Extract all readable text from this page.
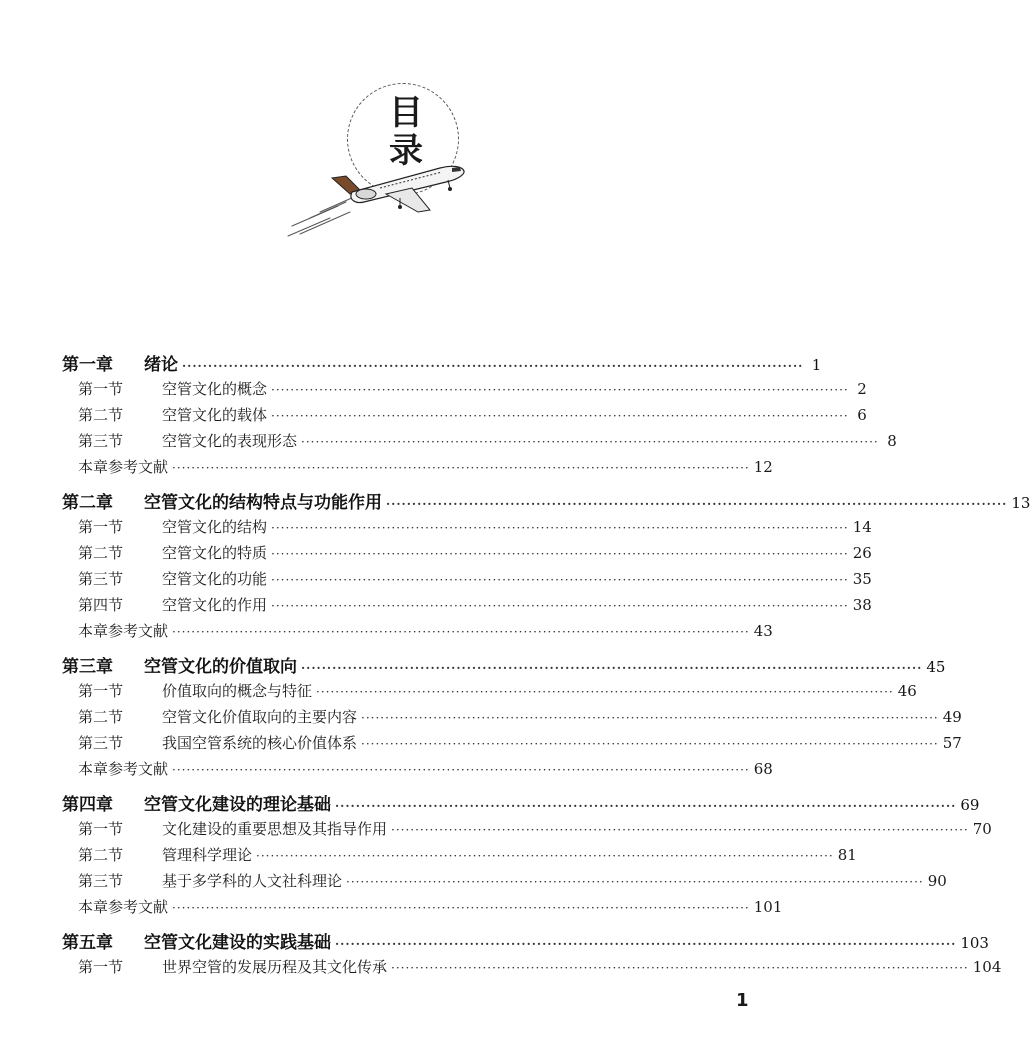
目
录
第一章 绪论 ························································································································ 1
第一节	空管文化的概念 ························································································································ 2
第二节	空管文化的载体 ························································································································ 6
第三节	空管文化的表现形态 ························································································································ 8
本章参考文献 ························································································································ 12
第二章 空管文化的结构特点与功能作用 ························································································································ 13
第一节	空管文化的结构 ························································································································ 14
第二节	空管文化的特质 ························································································································ 26
第三节	空管文化的功能 ························································································································ 35
第四节	空管文化的作用 ························································································································ 38
本章参考文献 ························································································································ 43
第三章 空管文化的价值取向 ························································································································ 45
第一节	价值取向的概念与特征 ························································································································ 46
第二节	空管文化价值取向的主要内容 ························································································································ 49
第三节	我国空管系统的核心价值体系 ························································································································ 57
本章参考文献 ························································································································ 68
第四章 空管文化建设的理论基础 ························································································································ 69
第一节	文化建设的重要思想及其指导作用 ························································································································ 70
第二节	管理科学理论 ························································································································ 81
第三节	基于多学科的人文社科理论 ························································································································ 90
本章参考文献 ························································································································ 101
第五章 空管文化建设的实践基础 ························································································································ 103
第一节	世界空管的发展历程及其文化传承 ························································································································ 104
1
